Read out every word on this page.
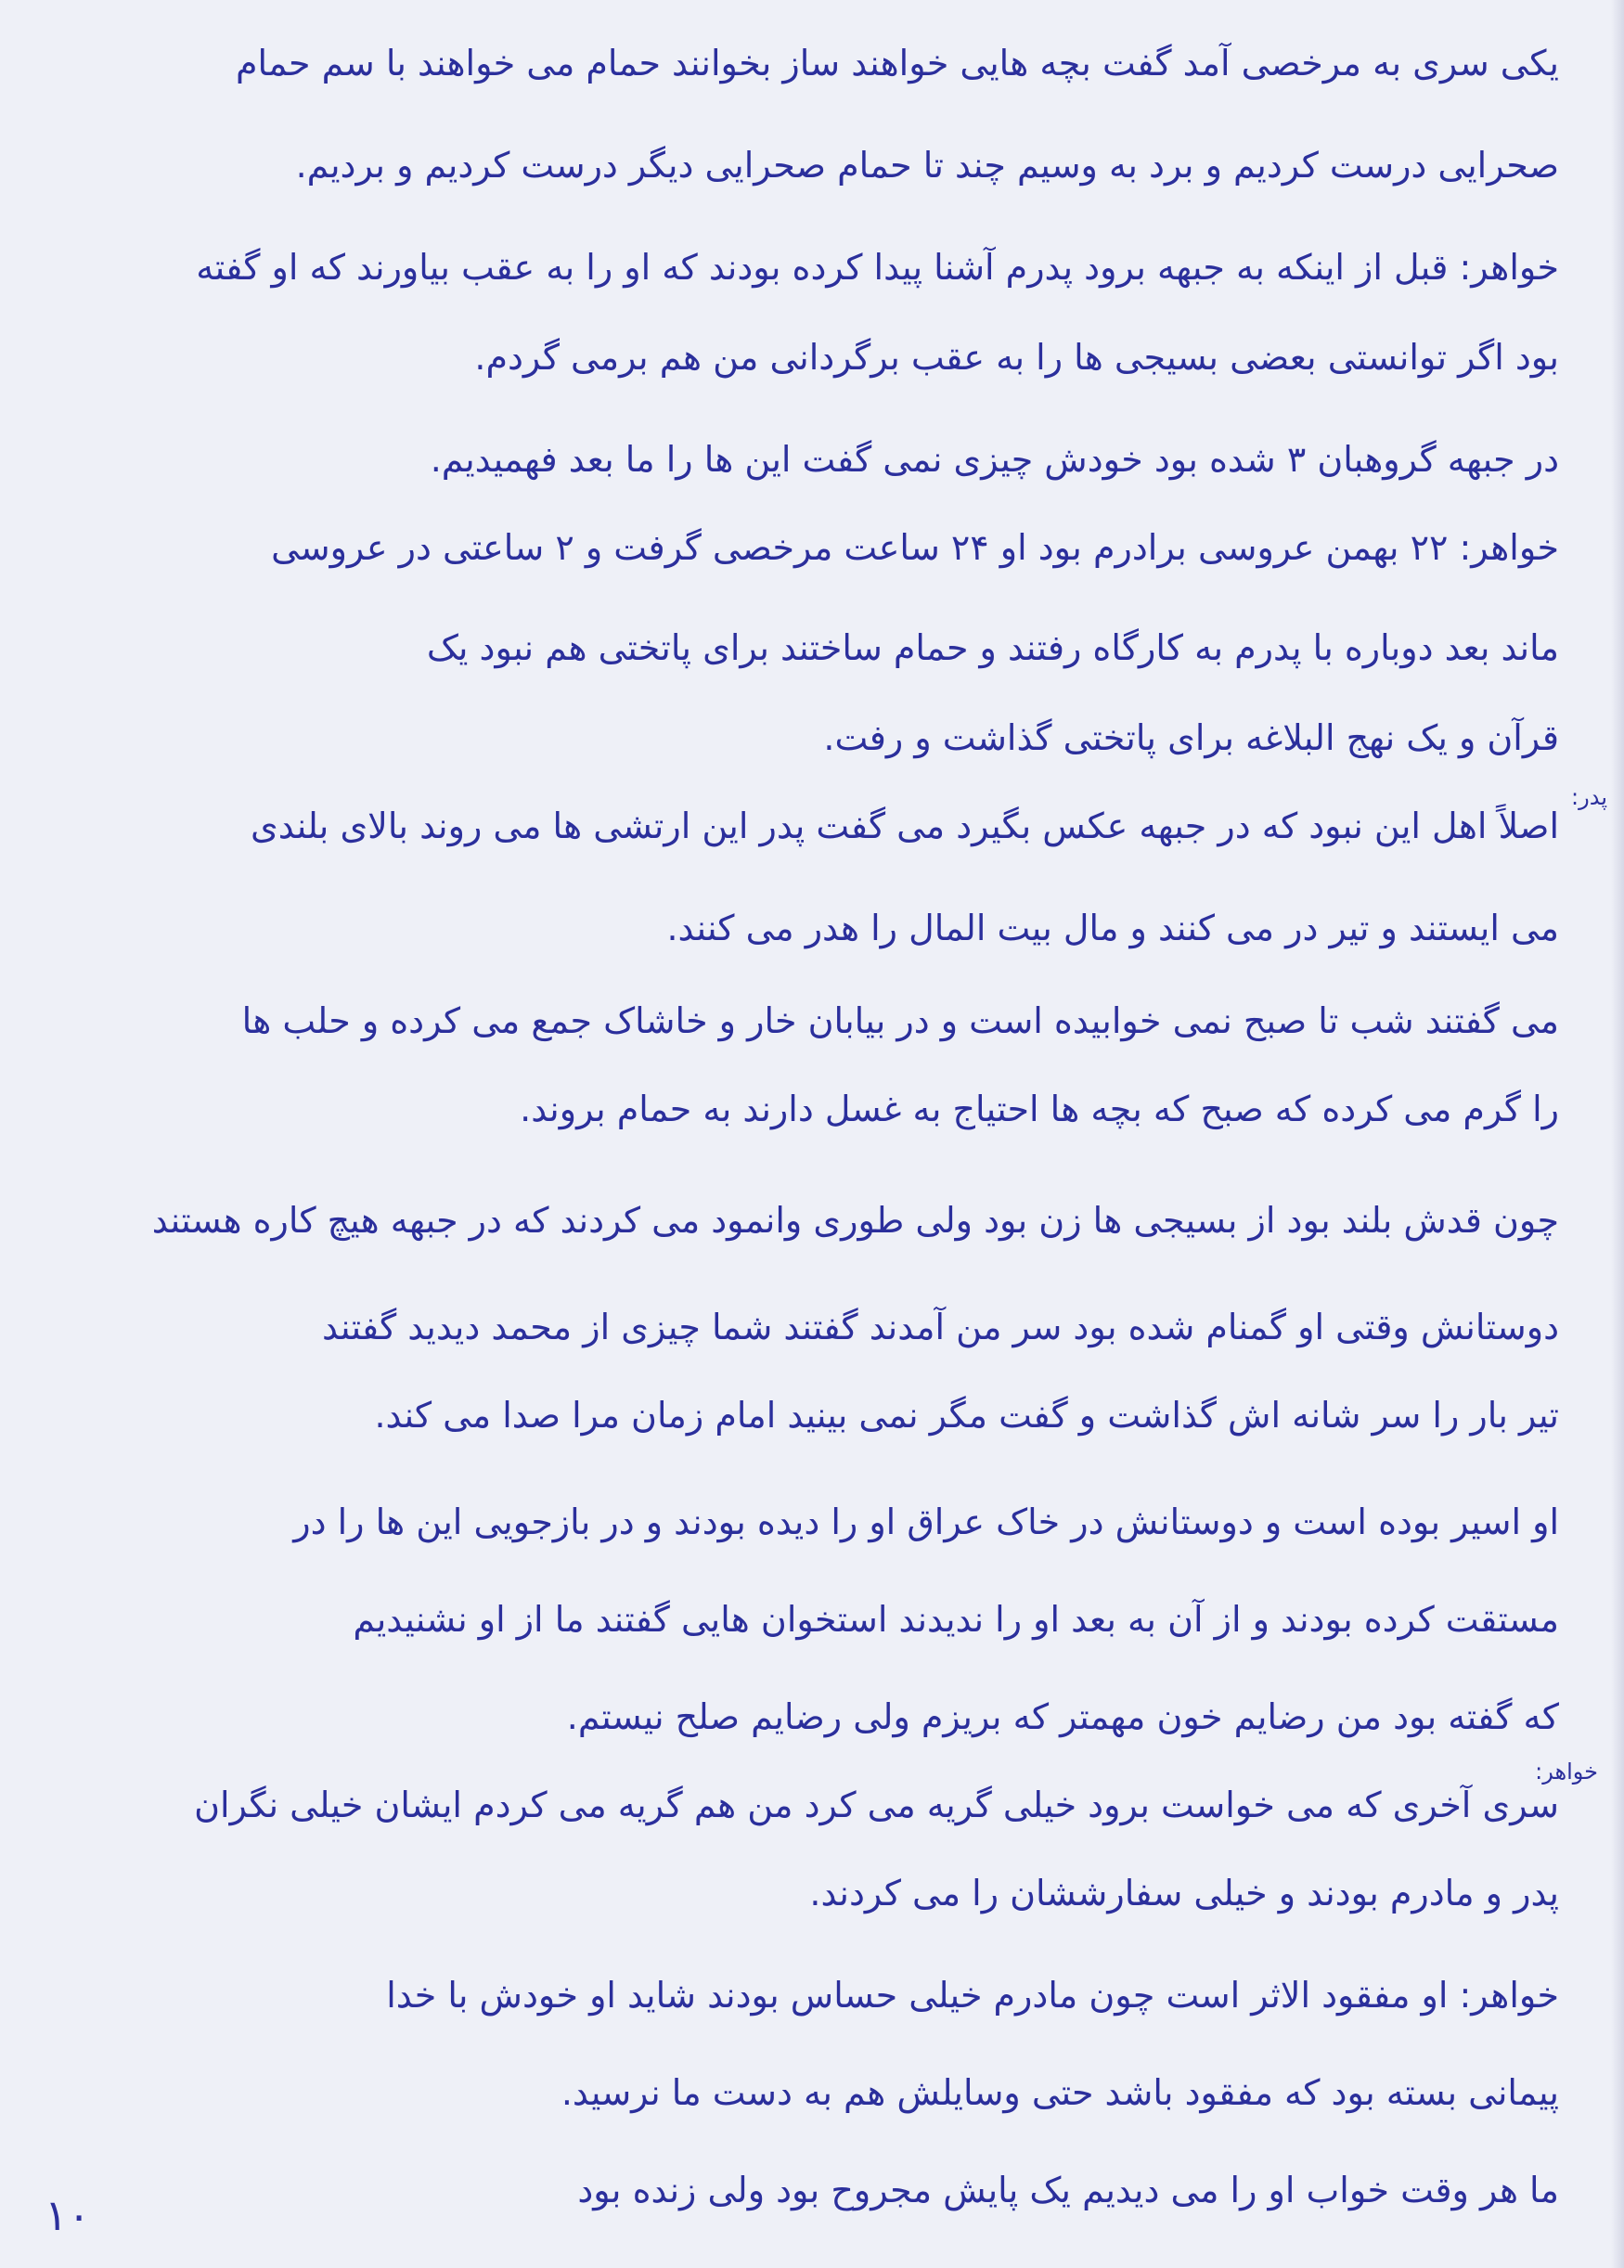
یکی سری به مرخصی آمد گفت بچه هایی خواهند ساز بخوانند حمام می خواهند با سم حمام
صحرایی درست کردیم و برد به وسیم چند تا حمام صحرایی دیگر درست کردیم و بردیم.
خواهر: قبل از اینکه به جبهه برود پدرم آشنا پیدا کرده بودند که او را به عقب بیاورند که او گفته
بود اگر توانستی بعضی بسیجی ها را به عقب برگردانی من هم برمی گردم.
در جبهه گروهبان ۳ شده بود خودش چیزی نمی گفت این ها را ما بعد فهمیدیم.
خواهر: ۲۲ بهمن عروسی برادرم بود او ۲۴ ساعت مرخصی گرفت و ۲ ساعتی در عروسی
ماند بعد دوباره با پدرم به کارگاه رفتند و حمام ساختند برای پاتختی هم نبود یک
قرآن و یک نهج البلاغه برای پاتختی گذاشت و رفت.
اصلاً اهل این نبود که در جبهه عکس بگیرد می گفت پدر این ارتشی ها می روند بالای بلندی
می ایستند و تیر در می کنند و مال بیت المال را هدر می کنند.
می گفتند شب تا صبح نمی خوابیده است و در بیابان خار و خاشاک جمع می کرده و حلب ها
را گرم می کرده که صبح که بچه ها احتیاج به غسل دارند به حمام بروند.
چون قدش بلند بود از بسیجی ها زن بود ولی طوری وانمود می کردند که در جبهه هیچ کاره هستند
دوستانش وقتی او گمنام شده بود سر من آمدند گفتند شما چیزی از محمد دیدید گفتند
تیر بار را سر شانه اش گذاشت و گفت مگر نمی بینید امام زمان مرا صدا می کند.
او اسیر بوده است و دوستانش در خاک عراق او را دیده بودند و در بازجویی این ها را در
مستقت کرده بودند و از آن به بعد او را ندیدند استخوان هایی گفتند ما از او نشنیدیم
که گفته بود من رضایم خون مهمتر که بریزم ولی رضایم صلح نیستم.
سری آخری که می خواست برود خیلی گریه می کرد من هم گریه می کردم ایشان خیلی نگران
پدر و مادرم بودند و خیلی سفارششان را می کردند.
خواهر: او مفقود الاثر است چون مادرم خیلی حساس بودند شاید او خودش با خدا
پیمانی بسته بود که مفقود باشد حتی وسایلش هم به دست ما نرسید.
ما هر وقت خواب او را می دیدیم یک پایش مجروح بود ولی زنده بود
پدر:
خواهر:
۱۰
